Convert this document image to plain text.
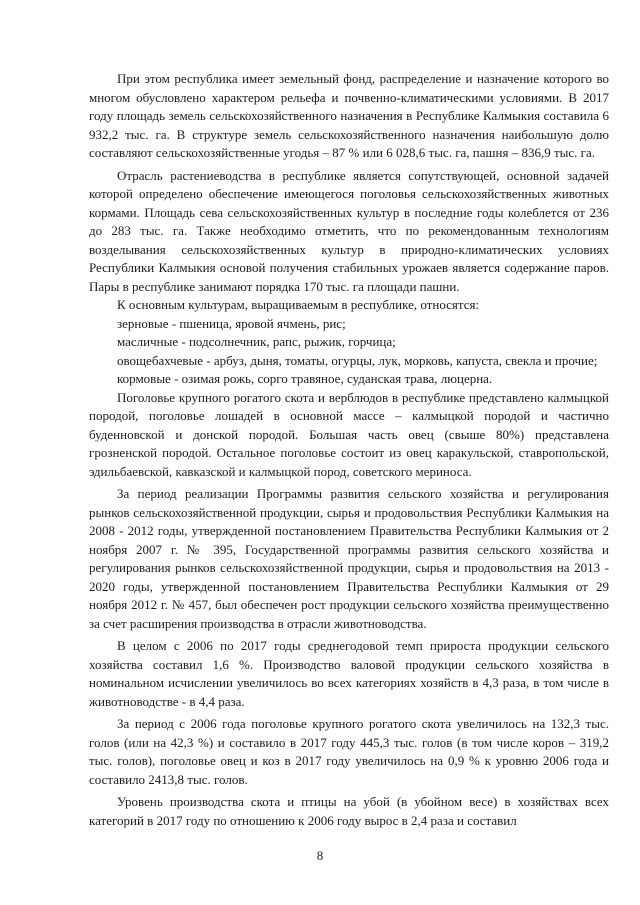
При этом республика имеет земельный фонд, распределение и назначение которого во многом обусловлено характером рельефа и почвенно-климатическими условиями. В 2017 году площадь земель сельскохозяйственного назначения в Республике Калмыкия составила 6 932,2 тыс. га. В структуре земель сельскохозяйственного назначения наибольшую долю составляют сельскохозяйственные угодья – 87 % или 6 028,6 тыс. га, пашня – 836,9 тыс. га.

Отрасль растениеводства в республике является сопутствующей, основной задачей которой определено обеспечение имеющегося поголовья сельскохозяйственных животных кормами. Площадь сева сельскохозяйственных культур в последние годы колеблется от 236 до 283 тыс. га. Также необходимо отметить, что по рекомендованным технологиям возделывания сельскохозяйственных культур в природно-климатических условиях Республики Калмыкия основой получения стабильных урожаев является содержание паров. Пары в республике занимают порядка 170 тыс. га площади пашни.

К основным культурам, выращиваемым в республике, относятся:

зерновые - пшеница, яровой ячмень, рис;

масличные - подсолнечник, рапс, рыжик, горчица;

овощебахчевые - арбуз, дыня, томаты, огурцы, лук, морковь, капуста, свекла и прочие;

кормовые - озимая рожь, сорго травяное, суданская трава, люцерна.

Поголовье крупного рогатого скота и верблюдов в республике представлено калмыцкой породой, поголовье лошадей в основной массе – калмыцкой породой и частично буденновской и донской породой. Большая часть овец (свыше 80%) представлена грозненской породой. Остальное поголовье состоит из овец каракульской, ставропольской, эдильбаевской, кавказской и калмыцкой пород, советского мериноса.

За период реализации Программы развития сельского хозяйства и регулирования рынков сельскохозяйственной продукции, сырья и продовольствия Республики Калмыкия на 2008 - 2012 годы, утвержденной постановлением Правительства Республики Калмыкия от 2 ноября 2007 г. № 395, Государственной программы развития сельского хозяйства и регулирования рынков сельскохозяйственной продукции, сырья и продовольствия на 2013 - 2020 годы, утвержденной постановлением Правительства Республики Калмыкия от 29 ноября 2012 г. № 457, был обеспечен рост продукции сельского хозяйства преимущественно за счет расширения производства в отрасли животноводства.

В целом с 2006 по 2017 годы среднегодовой темп прироста продукции сельского хозяйства составил 1,6 %. Производство валовой продукции сельского хозяйства в номинальном исчислении увеличилось во всех категориях хозяйств в 4,3 раза, в том числе в животноводстве - в 4,4 раза.

За период с 2006 года поголовье крупного рогатого скота увеличилось на 132,3 тыс. голов (или на 42,3 %) и составило в 2017 году 445,3 тыс. голов (в том числе коров – 319,2 тыс. голов), поголовье овец и коз в 2017 году увеличилось на 0,9 % к уровню 2006 года и составило 2413,8 тыс. голов.

Уровень производства скота и птицы на убой (в убойном весе) в хозяйствах всех категорий в 2017 году по отношению к 2006 году вырос в 2,4 раза и составил

8
